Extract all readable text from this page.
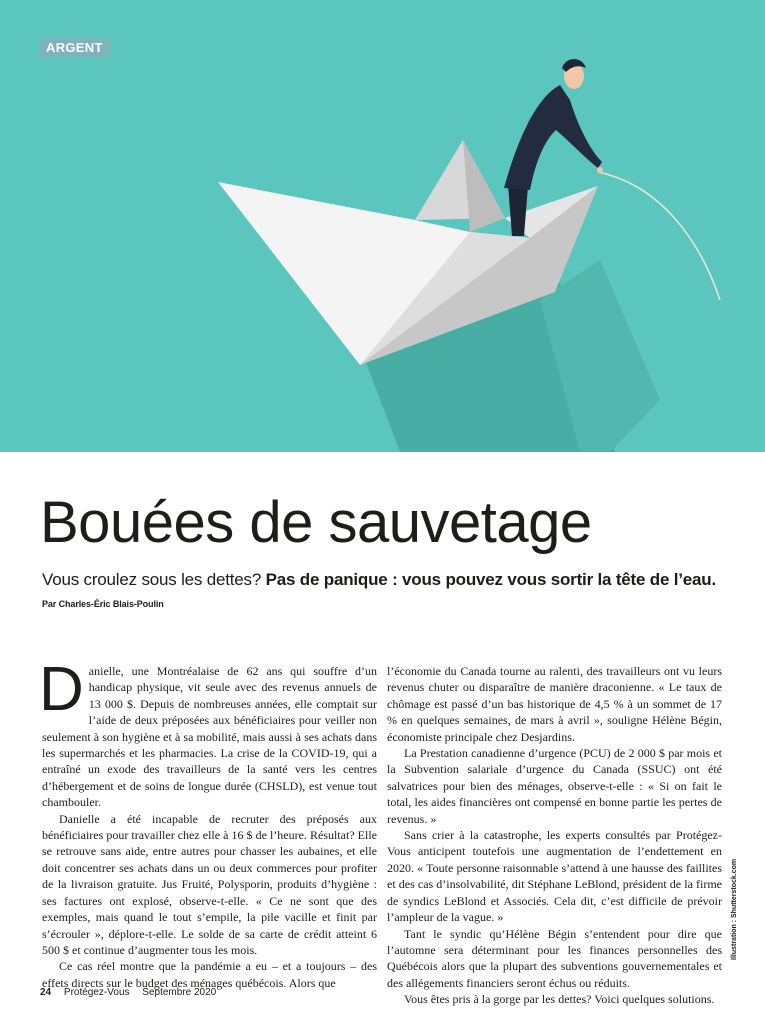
ARGENT
Bouées de sauvetage

Vous croulez sous les dettes? Pas de panique : vous pouvez vous sortir la tête de l’eau.

Par Charles-Éric Blais-Poulin

Danielle, une Montréalaise de 62 ans qui souffre d’un handicap physique, vit seule avec des revenus annuels de 13 000 $. Depuis de nombreuses années, elle comptait sur l’aide de deux préposées aux bénéficiaires pour veiller non seulement à son hygiène et à sa mobilité, mais aussi à ses achats dans les supermarchés et les pharmacies. La crise de la COVID-19, qui a entraîné un exode des travailleurs de la santé vers les centres d’hébergement et de soins de longue durée (CHSLD), est venue tout chambouler.

Danielle a été incapable de recruter des préposés aux bénéficiaires pour travailler chez elle à 16 $ de l’heure. Résultat? Elle se retrouve sans aide, entre autres pour chasser les aubaines, et elle doit concentrer ses achats dans un ou deux commerces pour profiter de la livraison gratuite. Jus Fruité, Polysporin, produits d’hygiène : ses factures ont explosé, observe-t-elle. « Ce ne sont que des exemples, mais quand le tout s’empile, la pile vacille et finit par s’écrouler », déplore-t-elle. Le solde de sa carte de crédit atteint 6 500 $ et continue d’augmenter tous les mois.

Ce cas réel montre que la pandémie a eu – et a toujours – des effets directs sur le budget des ménages québécois. Alors que

l’économie du Canada tourne au ralenti, des travailleurs ont vu leurs revenus chuter ou disparaître de manière draconienne. « Le taux de chômage est passé d’un bas historique de 4,5 % à un sommet de 17 % en quelques semaines, de mars à avril », souligne Hélène Bégin, économiste principale chez Desjardins.

La Prestation canadienne d’urgence (PCU) de 2 000 $ par mois et la Subvention salariale d’urgence du Canada (SSUC) ont été salvatrices pour bien des ménages, observe-t-elle : « Si on fait le total, les aides financières ont compensé en bonne partie les pertes de revenus. »

Sans crier à la catastrophe, les experts consultés par Protégez-Vous anticipent toutefois une augmentation de l’endettement en 2020. « Toute personne raisonnable s’attend à une hausse des faillites et des cas d’insolvabilité, dit Stéphane LeBlond, président de la firme de syndics LeBlond et Associés. Cela dit, c’est difficile de prévoir l’ampleur de la vague. »

Tant le syndic qu’Hélène Bégin s’entendent pour dire que l’automne sera déterminant pour les finances personnelles des Québécois alors que la plupart des subventions gouvernementales et des allégements financiers seront échus ou réduits.

Vous êtes pris à la gorge par les dettes? Voici quelques solutions.

Illustration : Shutterstock.com
24 Protégez-Vous Septembre 2020
